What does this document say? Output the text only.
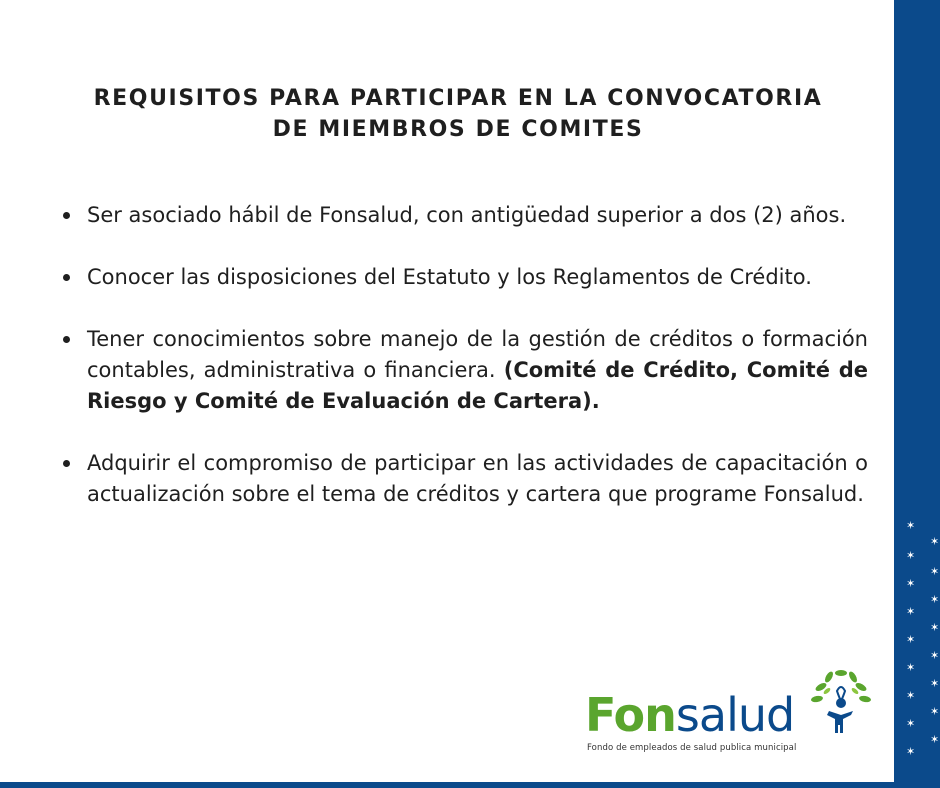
REQUISITOS PARA PARTICIPAR EN LA CONVOCATORIA
DE MIEMBROS DE COMITES
Ser asociado hábil de Fonsalud, con antigüedad superior a dos (2) años.
Conocer las disposiciones del Estatuto y los Reglamentos de Crédito.
Tener conocimientos sobre manejo de la gestión de créditos o formación contables, administrativa o financiera. (Comité de Crédito, Comité de Riesgo y Comité de Evaluación de Cartera).
Adquirir el compromiso de participar en las actividades de capacitación o actualización sobre el tema de créditos y cartera que programe Fonsalud.
Fonsalud
Fondo de empleados de salud publica municipal
✶
✶
✶
✶
✶
✶
✶
✶
✶
✶
✶
✶
✶
✶
✶
✶
✶
